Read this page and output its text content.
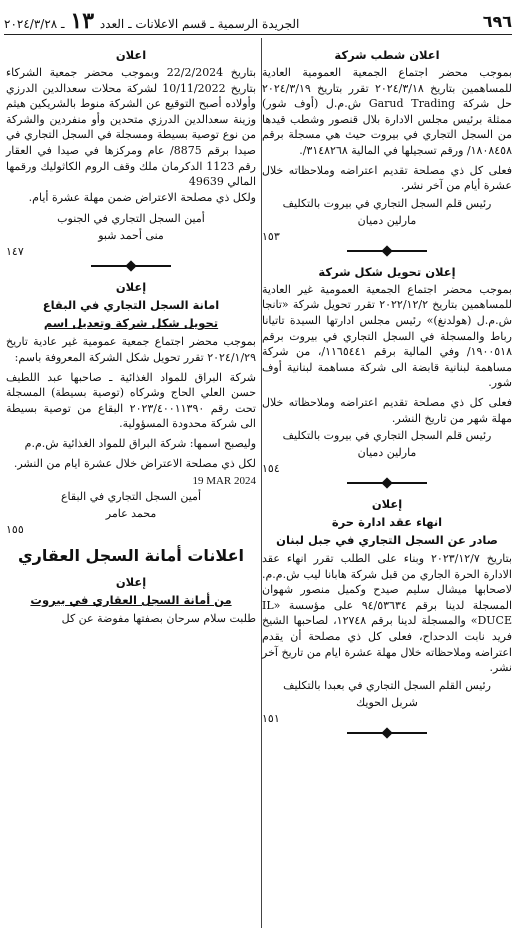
٦٩٦
الجريدة الرسمية ـ قسم الاعلانات ـ العدد ١٣ ـ ٢٠٢٤/٣/٢٨
اعلان شطب شركة

بموجب محضر اجتماع الجمعية العمومية العادية للمساهمين بتاريخ ٢٠٢٤/٣/١٨ تقرر بتاريخ ٢٠٢٤/٣/١٩ حل شركة Garud Trading ش.م.ل (أوف شور) ممثلة برئيس مجلس الادارة بلال قنصور وشطب قيدها من السجل التجاري في بيروت حيث هي مسجلة برقم ١٨٠٨٤٥٨/ ورقم تسجيلها في المالية ٣١٤٨٢٦٨/.

فعلى كل ذي مصلحة تقديم اعتراضه وملاحظاته خلال عشرة أيام من آخر نشر.

رئيس قلم السجل التجاري في بيروت بالتكليف
مارلين دميان
١٥٣
إعلان تحويل شكل شركة

بموجب محضر اجتماع الجمعية العمومية غير العادية للمساهمين بتاريخ ٢٠٢٢/١٢/٢ تقرر تحويل شركة «تانجا ش.م.ل (هولدنغ)» رئيس مجلس ادارتها السيدة تاتيانا رباط والمسجلة في السجل التجاري في بيروت برقم ١٩٠٠٥١٨/ وفي المالية برقم ١١٦٥٤٤١/، من شركة مساهمة لبنانية قابضة الى شركة مساهمة لبنانية أوف شور.

فعلى كل ذي مصلحة تقديم اعتراضه وملاحظاته خلال مهلة شهر من تاريخ النشر.

رئيس قلم السجل التجاري في بيروت بالتكليف
مارلين دميان
١٥٤
إعلان
انهاء عقد ادارة حرة
صادر عن السجل التجاري في جبل لبنان

بتاريخ ٢٠٢٣/١٢/٧ وبناء على الطلب تقرر انهاء عقد الادارة الحرة الجاري من قبل شركة هابانا ليب ش.م.م. لاصحابها ميشال سليم صيدح وكميل منصور شهوان المسجلة لدينا برقم ٩٤/٥٣٦٣٤ على مؤسسة «IL DUCE» والمسجلة لدينا برقم ١٢٧٤٨، لصاحبها الشيخ فريد نابت الدحداح، فعلى كل ذي مصلحة أن يقدم اعتراضه وملاحظاته خلال مهلة عشرة ايام من تاريخ آخر نشر.

رئيس القلم السجل التجاري في بعبدا بالتكليف
شربل الحويك
١٥١
اعلان

بتاريخ 22/2/2024 وبموجب محضر جمعية الشركاء بتاريخ 10/11/2022 لشركة محلات سعدالدين الدرزي وأولاده أصبح التوقيع عن الشركة منوط بالشريكين هيثم وزينة سعدالدين الدرزي متحدين وأو منفردين والشركة من نوع توصية بسيطة ومسجلة في السجل التجاري في صيدا برقم 8875/ عام ومركزها في صيدا في العقار رقم 1123 الدكرمان ملك وقف الروم الكاثوليك ورقمها المالي 49639

ولكل ذي مصلحة الاعتراض ضمن مهلة عشرة أيام.

أمين السجل التجاري في الجنوب
منى أحمد شبو
١٤٧
إعلان
امانة السجل التجاري في البقاع
تحويل شكل شركة وتعديل اسم

بموجب محضر اجتماع جمعية عمومية غير عادية تاريخ ٢٠٢٤/١/٢٩ تقرر تحويل شكل الشركة المعروفة باسم:

شركة البراق للمواد الغذائية ـ صاحبها عبد اللطيف حسن العلي الحاج وشركاه (توصية بسيطة) المسجلة تحت رقم ٢٠٢٣/٤٠٠١١٣٩٠ البقاع من توصية بسيطة الى شركة محدودة المسؤولية.

وليصبح اسمها: شركة البراق للمواد الغذائية ش.م.م

لكل ذي مصلحة الاعتراض خلال عشرة ايام من النشر.

19 MAR 2024
أمين السجل التجاري في البقاع
محمد عامر
١٥٥
اعلانات أمانة السجل العقاري
إعلان
من أمانة السجل العقاري في بيروت

طلبت سلام سرحان بصفتها مفوضة عن كل
